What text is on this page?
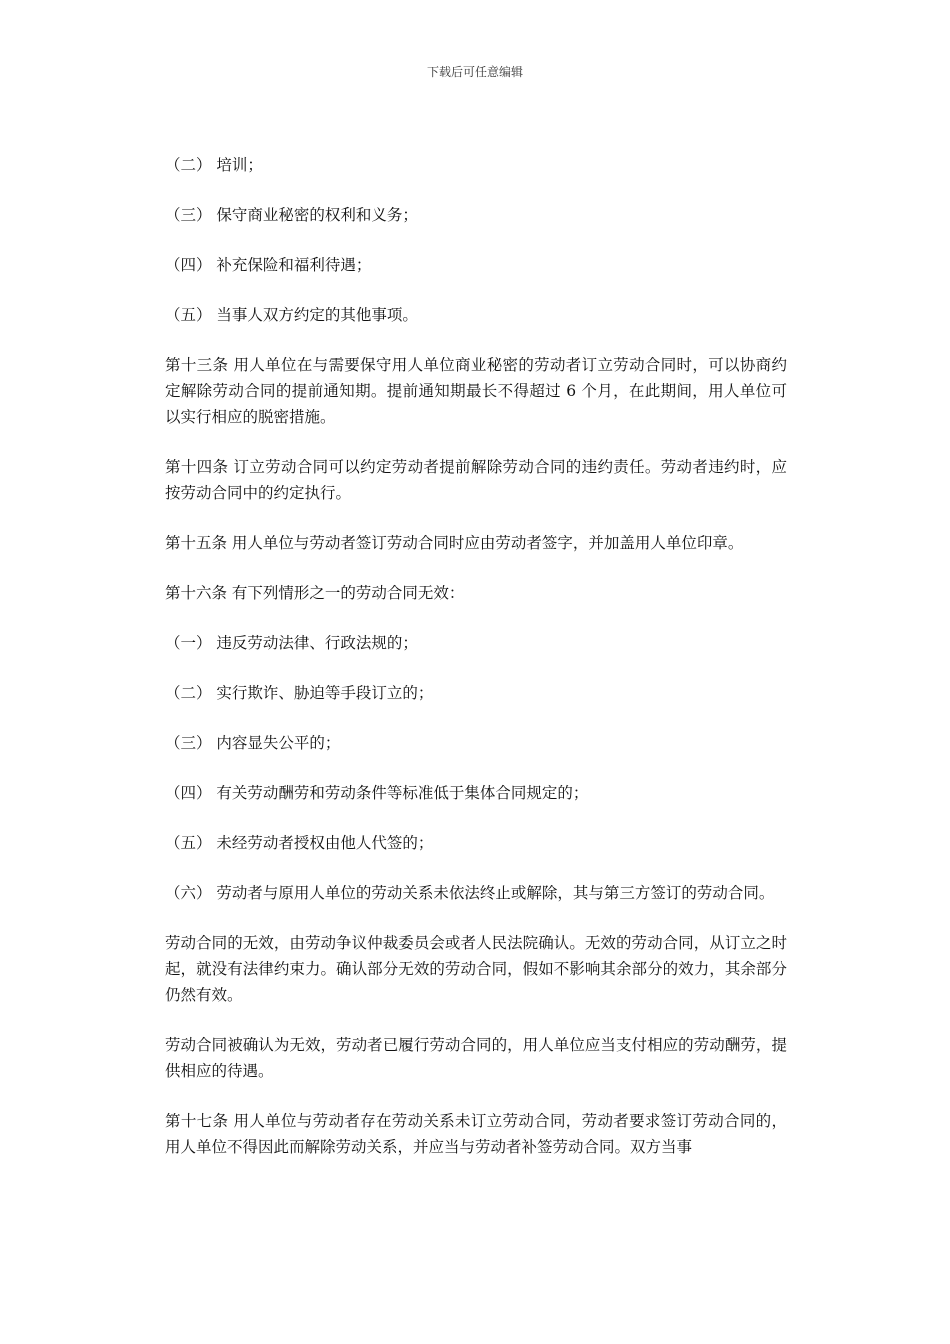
下载后可任意编辑

（二） 培训；

（三） 保守商业秘密的权利和义务；

（四） 补充保险和福利待遇；

（五） 当事人双方约定的其他事项。

第十三条 用人单位在与需要保守用人单位商业秘密的劳动者订立劳动合同时，可以协商约定解除劳动合同的提前通知期。提前通知期最长不得超过 6 个月，在此期间，用人单位可以实行相应的脱密措施。

第十四条 订立劳动合同可以约定劳动者提前解除劳动合同的违约责任。劳动者违约时，应按劳动合同中的约定执行。

第十五条 用人单位与劳动者签订劳动合同时应由劳动者签字，并加盖用人单位印章。

第十六条 有下列情形之一的劳动合同无效：

（一） 违反劳动法律、行政法规的；

（二） 实行欺诈、胁迫等手段订立的；

（三） 内容显失公平的；

（四） 有关劳动酬劳和劳动条件等标准低于集体合同规定的；

（五） 未经劳动者授权由他人代签的；

（六） 劳动者与原用人单位的劳动关系未依法终止或解除，其与第三方签订的劳动合同。

劳动合同的无效，由劳动争议仲裁委员会或者人民法院确认。无效的劳动合同，从订立之时起，就没有法律约束力。确认部分无效的劳动合同，假如不影响其余部分的效力，其余部分仍然有效。

劳动合同被确认为无效，劳动者已履行劳动合同的，用人单位应当支付相应的劳动酬劳，提供相应的待遇。

第十七条 用人单位与劳动者存在劳动关系未订立劳动合同，劳动者要求签订劳动合同的，用人单位不得因此而解除劳动关系，并应当与劳动者补签劳动合同。双方当事
